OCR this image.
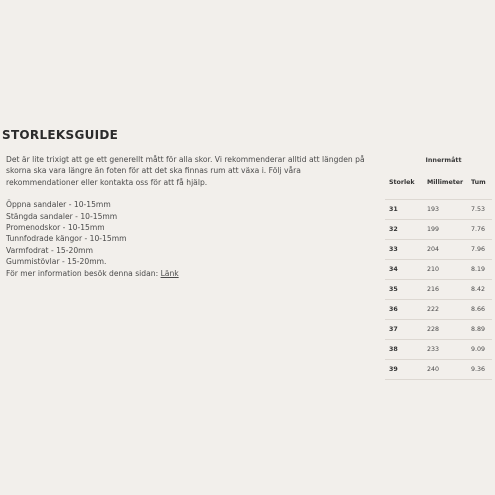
STORLEKSGUIDE

Det är lite trixigt att ge ett generellt mått för alla skor. Vi rekommenderar alltid att längden på skorna ska vara längre än foten för att det ska finnas rum att växa i. Följ våra rekommendationer eller kontakta oss för att få hjälp.

Öppna sandaler - 10-15mm
Stängda sandaler - 10-15mm
Promenodskor - 10-15mm
Tunnfodrade kängor - 10-15mm
Varmfodrat - 15-20mm
Gummistövlar - 15-20mm.

För mer information besök denna sidan: Länk

Innermått
Storlek	Millimeter	Tum
31	193	7.53
32	199	7.76
33	204	7.96
34	210	8.19
35	216	8.42
36	222	8.66
37	228	8.89
38	233	9.09
39	240	9.36
